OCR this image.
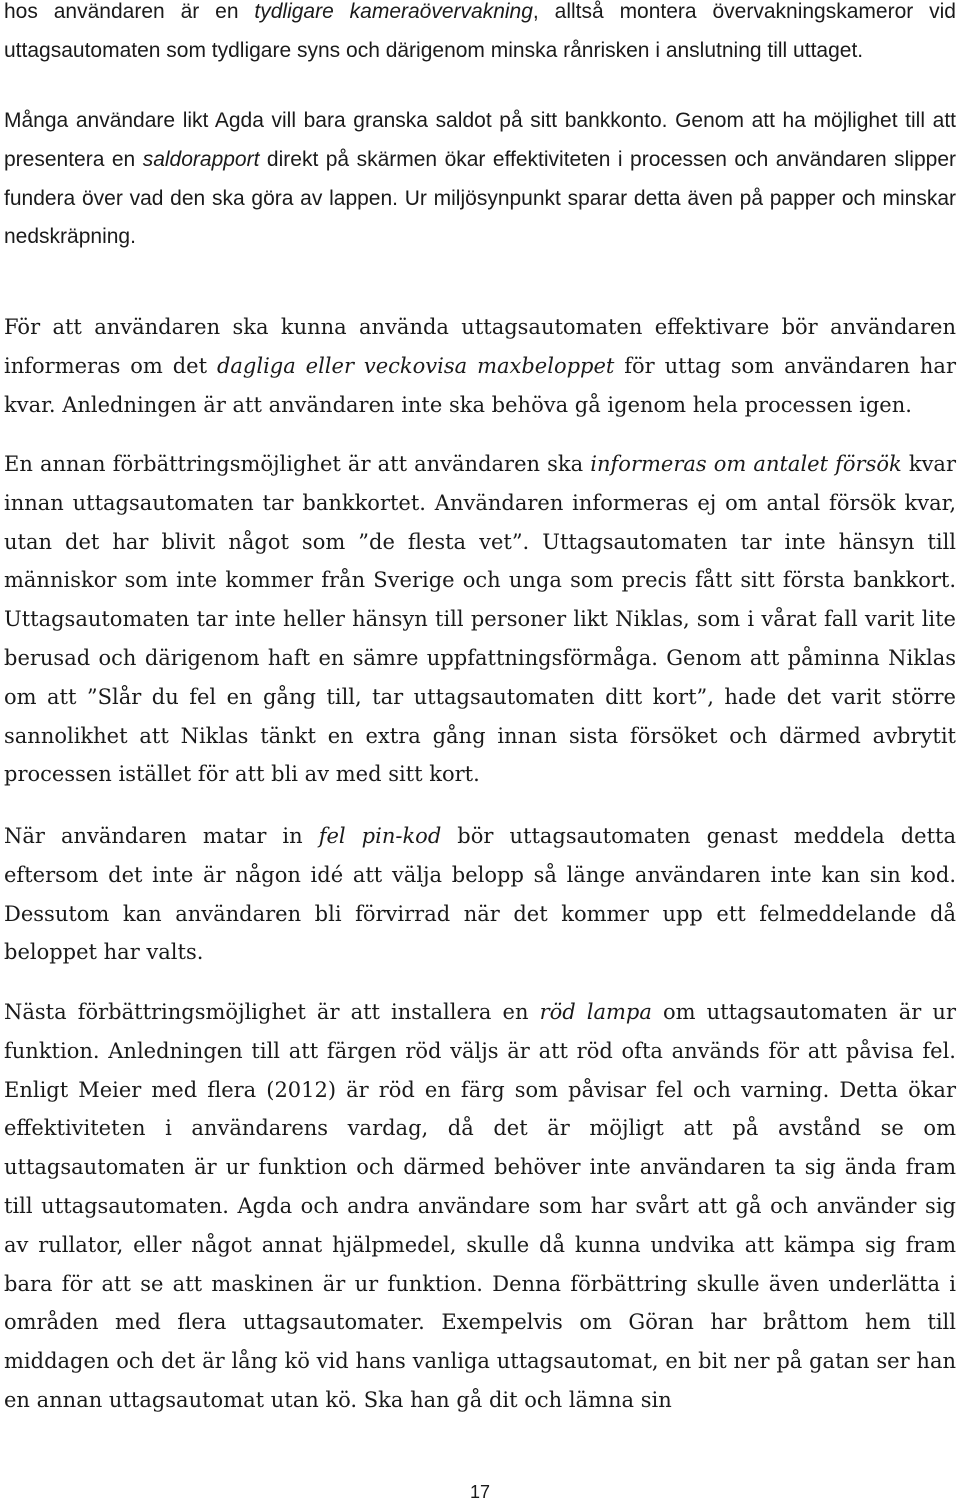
hos användaren är en tydligare kameraövervakning, alltså montera övervakningskameror vid uttagsautomaten som tydligare syns och därigenom minska rånrisken i anslutning till uttaget.

Många användare likt Agda vill bara granska saldot på sitt bankkonto. Genom att ha möjlighet till att presentera en saldorapport direkt på skärmen ökar effektiviteten i processen och användaren slipper fundera över vad den ska göra av lappen. Ur miljösynpunkt sparar detta även på papper och minskar nedskräpning.

För att användaren ska kunna använda uttagsautomaten effektivare bör användaren informeras om det dagliga eller veckovisa maxbeloppet för uttag som användaren har kvar. Anledningen är att användaren inte ska behöva gå igenom hela processen igen.

En annan förbättringsmöjlighet är att användaren ska informeras om antalet försök kvar innan uttagsautomaten tar bankkortet. Användaren informeras ej om antal försök kvar, utan det har blivit något som ”de flesta vet”. Uttagsautomaten tar inte hänsyn till människor som inte kommer från Sverige och unga som precis fått sitt första bankkort. Uttagsautomaten tar inte heller hänsyn till personer likt Niklas, som i vårat fall varit lite berusad och därigenom haft en sämre uppfattningsförmåga. Genom att påminna Niklas om att ”Slår du fel en gång till, tar uttagsautomaten ditt kort”, hade det varit större sannolikhet att Niklas tänkt en extra gång innan sista försöket och därmed avbrytit processen istället för att bli av med sitt kort.

När användaren matar in fel pin-kod bör uttagsautomaten genast meddela detta eftersom det inte är någon idé att välja belopp så länge användaren inte kan sin kod. Dessutom kan användaren bli förvirrad när det kommer upp ett felmeddelande då beloppet har valts.

Nästa förbättringsmöjlighet är att installera en röd lampa om uttagsautomaten är ur funktion. Anledningen till att färgen röd väljs är att röd ofta används för att påvisa fel. Enligt Meier med flera (2012) är röd en färg som påvisar fel och varning. Detta ökar effektiviteten i användarens vardag, då det är möjligt att på avstånd se om uttagsautomaten är ur funktion och därmed behöver inte användaren ta sig ända fram till uttagsautomaten. Agda och andra användare som har svårt att gå och använder sig av rullator, eller något annat hjälpmedel, skulle då kunna undvika att kämpa sig fram bara för att se att maskinen är ur funktion. Denna förbättring skulle även underlätta i områden med flera uttagsautomater. Exempelvis om Göran har bråttom hem till middagen och det är lång kö vid hans vanliga uttagsautomat, en bit ner på gatan ser han en annan uttagsautomat utan kö. Ska han gå dit och lämna sin

17
